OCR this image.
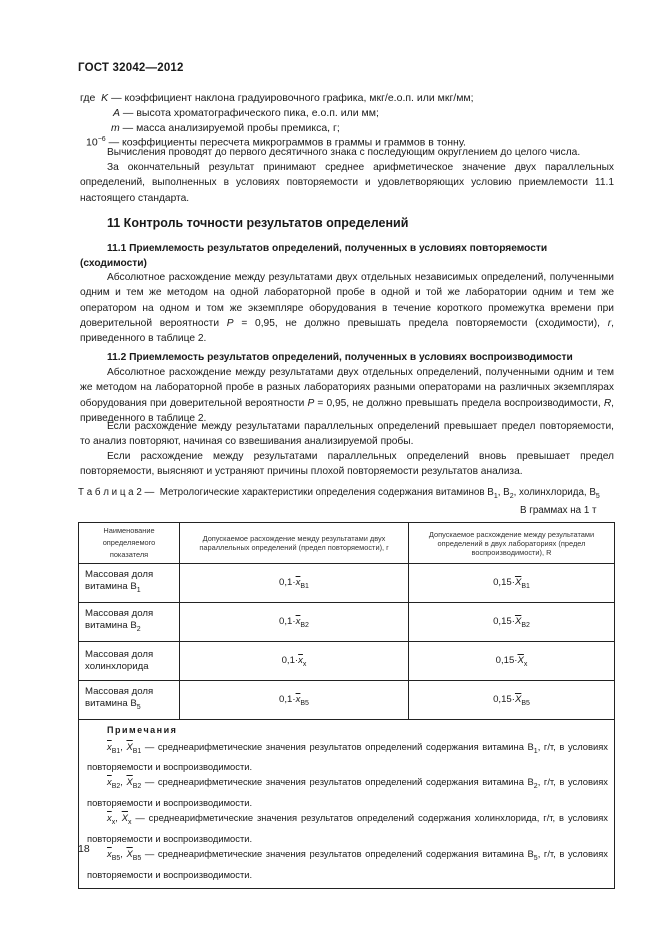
ГОСТ 32042—2012
где K — коэффициент наклона градуировочного графика, мкг/е.о.п. или мкг/мм;
A — высота хроматографического пика, е.о.п. или мм;
m — масса анализируемой пробы премикса, г;
$10^{-6}$ — коэффициенты пересчета микрограммов в граммы и граммов в тонну.
Вычисления проводят до первого десятичного знака с последующим округлением до целого числа.
За окончательный результат принимают среднее арифметическое значение двух параллельных определений, выполненных в условиях повторяемости и удовлетворяющих условию приемлемости 11.1 настоящего стандарта.
11 Контроль точности результатов определений
11.1 Приемлемость результатов определений, полученных в условиях повторяемости (сходимости)
Абсолютное расхождение между результатами двух отдельных независимых определений, полученными одним и тем же методом на одной лабораторной пробе в одной и той же лаборатории одним и тем же оператором на одном и том же экземпляре оборудования в течение короткого промежутка времени при доверительной вероятности P = 0,95, не должно превышать предела повторяемости (сходимости), r, приведенного в таблице 2.
11.2 Приемлемость результатов определений, полученных в условиях воспроизводимости
Абсолютное расхождение между результатами двух отдельных определений, полученными одним и тем же методом на лабораторной пробе в разных лабораториях разными операторами на различных экземплярах оборудования при доверительной вероятности P = 0,95, не должно превышать предела воспроизводимости, R, приведенного в таблице 2.
Если расхождение между результатами параллельных определений превышает предел повторяемости, то анализ повторяют, начиная со взвешивания анализируемой пробы.
Если расхождение между результатами параллельных определений вновь превышает предел повторяемости, выясняют и устраняют причины плохой повторяемости результатов анализа.
Т а б л и ц а 2 — Метрологические характеристики определения содержания витаминов $B_1$, $B_2$, холинхлорида, $B_5$
В граммах на 1 т
Наименование определяемого показателя	Допускаемое расхождение между результатами двух параллельных определений (предел повторяемости), r	Допускаемое расхождение между результатами определений в двух лабораториях (предел воспроизводимости), R
Массовая доля витамина $B_1$	$0,1\cdot\overline{x}_{B1}$	$0,15\cdot\overline{X}_{B1}$
Массовая доля витамина $B_2$	$0,1\cdot\overline{x}_{B2}$	$0,15\cdot\overline{X}_{B2}$
Массовая доля холинхлорида	$0,1\cdot\overline{x}_x$	$0,15\cdot\overline{X}_x$
Массовая доля витамина $B_5$	$0,1\cdot\overline{x}_{B5}$	$0,15\cdot\overline{X}_{B5}$

Примечания
$\overline{x}_{B1}$, $\overline{X}_{B1}$ — среднеарифметические значения результатов определений содержания витамина $B_1$, г/т, в условиях повторяемости и воспроизводимости.
$\overline{x}_{B2}$, $\overline{X}_{B2}$ — среднеарифметические значения результатов определений содержания витамина $B_2$, г/т, в условиях повторяемости и воспроизводимости.
$\overline{x}_x$, $\overline{X}_x$ — среднеарифметические значения результатов определений содержания холинхлорида, г/т, в условиях повторяемости и воспроизводимости.
$\overline{x}_{B5}$, $\overline{X}_{B5}$ — среднеарифметические значения результатов определений содержания витамина $B_5$, г/т, в условиях повторяемости и воспроизводимости.		
18
